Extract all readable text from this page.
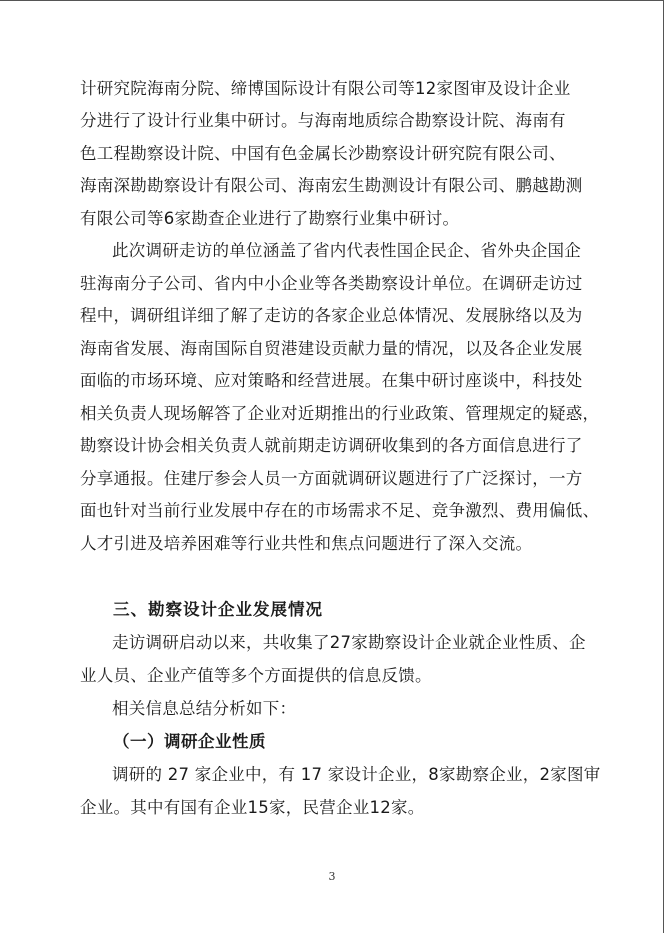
计研究院海南分院、缔博国际设计有限公司等12家图审及设计企业
分进行了设计行业集中研讨。与海南地质综合勘察设计院、海南有
色工程勘察设计院、中国有色金属长沙勘察设计研究院有限公司、
海南深勘勘察设计有限公司、海南宏生勘测设计有限公司、鹏越勘测
有限公司等6家勘查企业进行了勘察行业集中研讨。
此次调研走访的单位涵盖了省内代表性国企民企、省外央企国企
驻海南分子公司、省内中小企业等各类勘察设计单位。在调研走访过
程中，调研组详细了解了走访的各家企业总体情况、发展脉络以及为
海南省发展、海南国际自贸港建设贡献力量的情况，以及各企业发展
面临的市场环境、应对策略和经营进展。在集中研讨座谈中，科技处
相关负责人现场解答了企业对近期推出的行业政策、管理规定的疑惑，
勘察设计协会相关负责人就前期走访调研收集到的各方面信息进行了
分享通报。住建厅参会人员一方面就调研议题进行了广泛探讨，一方
面也针对当前行业发展中存在的市场需求不足、竞争激烈、费用偏低、
人才引进及培养困难等行业共性和焦点问题进行了深入交流。
三、勘察设计企业发展情况
走访调研启动以来，共收集了27家勘察设计企业就企业性质、企
业人员、企业产值等多个方面提供的信息反馈。
相关信息总结分析如下：
（一）调研企业性质
调研的 27 家企业中，有 17 家设计企业，8家勘察企业，2家图审
企业。其中有国有企业15家，民营企业12家。
3
